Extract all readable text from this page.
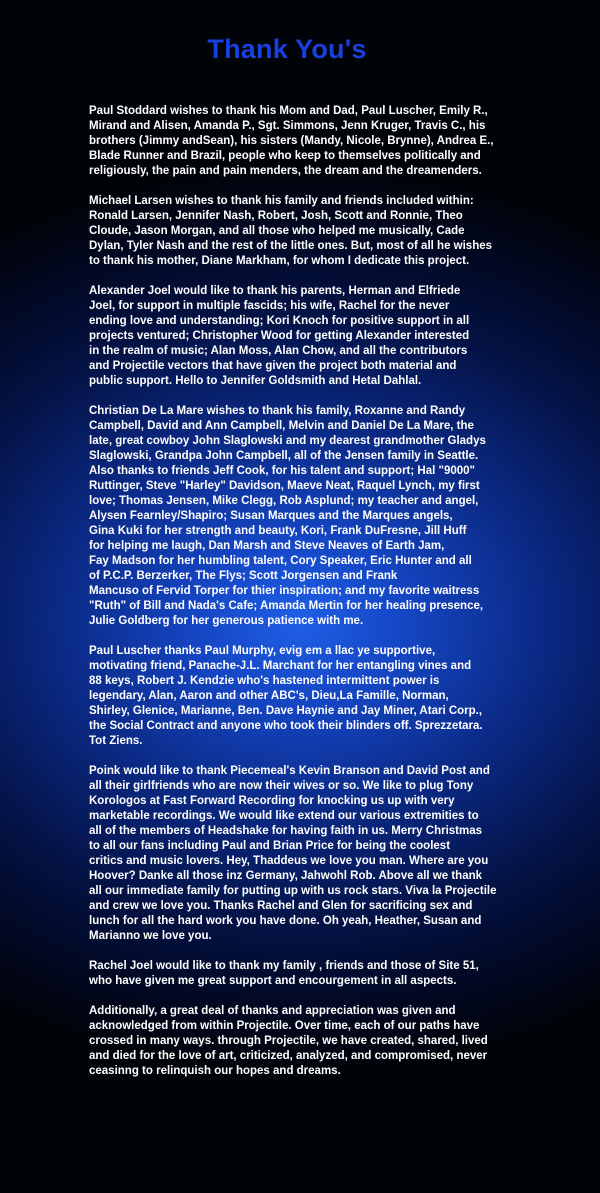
Thank You's

Paul Stoddard wishes to thank his Mom and Dad, Paul Luscher, Emily R.,
Mirand and Alisen, Amanda P., Sgt. Simmons, Jenn Kruger, Travis C., his
brothers (Jimmy andSean), his sisters (Mandy, Nicole, Brynne), Andrea E.,
Blade Runner and Brazil, people who keep to themselves politically and
religiously, the pain and pain menders, the dream and the dreamenders.

Michael Larsen wishes to thank his family and friends included within:
Ronald Larsen, Jennifer Nash, Robert, Josh, Scott and Ronnie, Theo
Cloude, Jason Morgan, and all those who helped me musically, Cade
Dylan, Tyler Nash and the rest of the little ones. But, most of all he wishes
to thank his mother, Diane Markham, for whom I dedicate this project.

Alexander Joel would like to thank his parents, Herman and Elfriede
Joel, for support in multiple fascids; his wife, Rachel for the never
ending love and understanding; Kori Knoch for positive support in all
projects ventured; Christopher Wood for getting Alexander interested
in the realm of music; Alan Moss, Alan Chow, and all the contributors
and Projectile vectors that have given the project both material and
public support. Hello to Jennifer Goldsmith and Hetal Dahlal.

Christian De La Mare wishes to thank his family, Roxanne and Randy
Campbell, David and Ann Campbell, Melvin and Daniel De La Mare, the
late, great cowboy John Slaglowski and my dearest grandmother Gladys
Slaglowski, Grandpa John Campbell, all of the Jensen family in Seattle.
Also thanks to friends Jeff Cook, for his talent and support; Hal "9000"
Ruttinger, Steve "Harley" Davidson, Maeve Neat, Raquel Lynch, my first
love; Thomas Jensen, Mike Clegg, Rob Asplund; my teacher and angel,
Alysen Fearnley/Shapiro; Susan Marques and the Marques angels,
Gina Kuki for her strength and beauty, Kori, Frank DuFresne, Jill Huff
for helping me laugh, Dan Marsh and Steve Neaves of Earth Jam,
Fay Madson for her humbling talent, Cory Speaker, Eric Hunter and all
of P.C.P. Berzerker, The Flys; Scott Jorgensen and Frank
Mancuso of Fervid Torper for thier inspiration; and my favorite waitress
"Ruth" of Bill and Nada's Cafe; Amanda Mertin for her healing presence,
Julie Goldberg for her generous patience with me.

Paul Luscher thanks Paul Murphy, evig em a llac ye supportive,
motivating friend, Panache-J.L. Marchant for her entangling vines and
88 keys, Robert J. Kendzie who's hastened intermittent power is
legendary, Alan, Aaron and other ABC's, Dieu,La Famille, Norman,
Shirley, Glenice, Marianne, Ben. Dave Haynie and Jay Miner, Atari Corp.,
the Social Contract and anyone who took their blinders off. Sprezzetara.
Tot Ziens.

Poink would like to thank Piecemeal's Kevin Branson and David Post and
all their girlfriends who are now their wives or so. We like to plug Tony
Korologos at Fast Forward Recording for knocking us up with very
marketable recordings. We would like extend our various extremities to
all of the members of Headshake for having faith in us. Merry Christmas
to all our fans including Paul and Brian Price for being the coolest
critics and music lovers. Hey, Thaddeus we love you man. Where are you
Hoover? Danke all those inz Germany, Jahwohl Rob. Above all we thank
all our immediate family for putting up with us rock stars. Viva la Projectile
and crew we love you. Thanks Rachel and Glen for sacrificing sex and
lunch for all the hard work you have done. Oh yeah, Heather, Susan and
Marianno we love you.

Rachel Joel would like to thank my family , friends and those of Site 51,
who have given me great support and encourgement in all aspects.

Additionally, a great deal of thanks and appreciation was given and
acknowledged from within Projectile. Over time, each of our paths have
crossed in many ways. through Projectile, we have created, shared, lived
and died for the love of art, criticized, analyzed, and compromised, never
ceasinng to relinquish our hopes and dreams.
